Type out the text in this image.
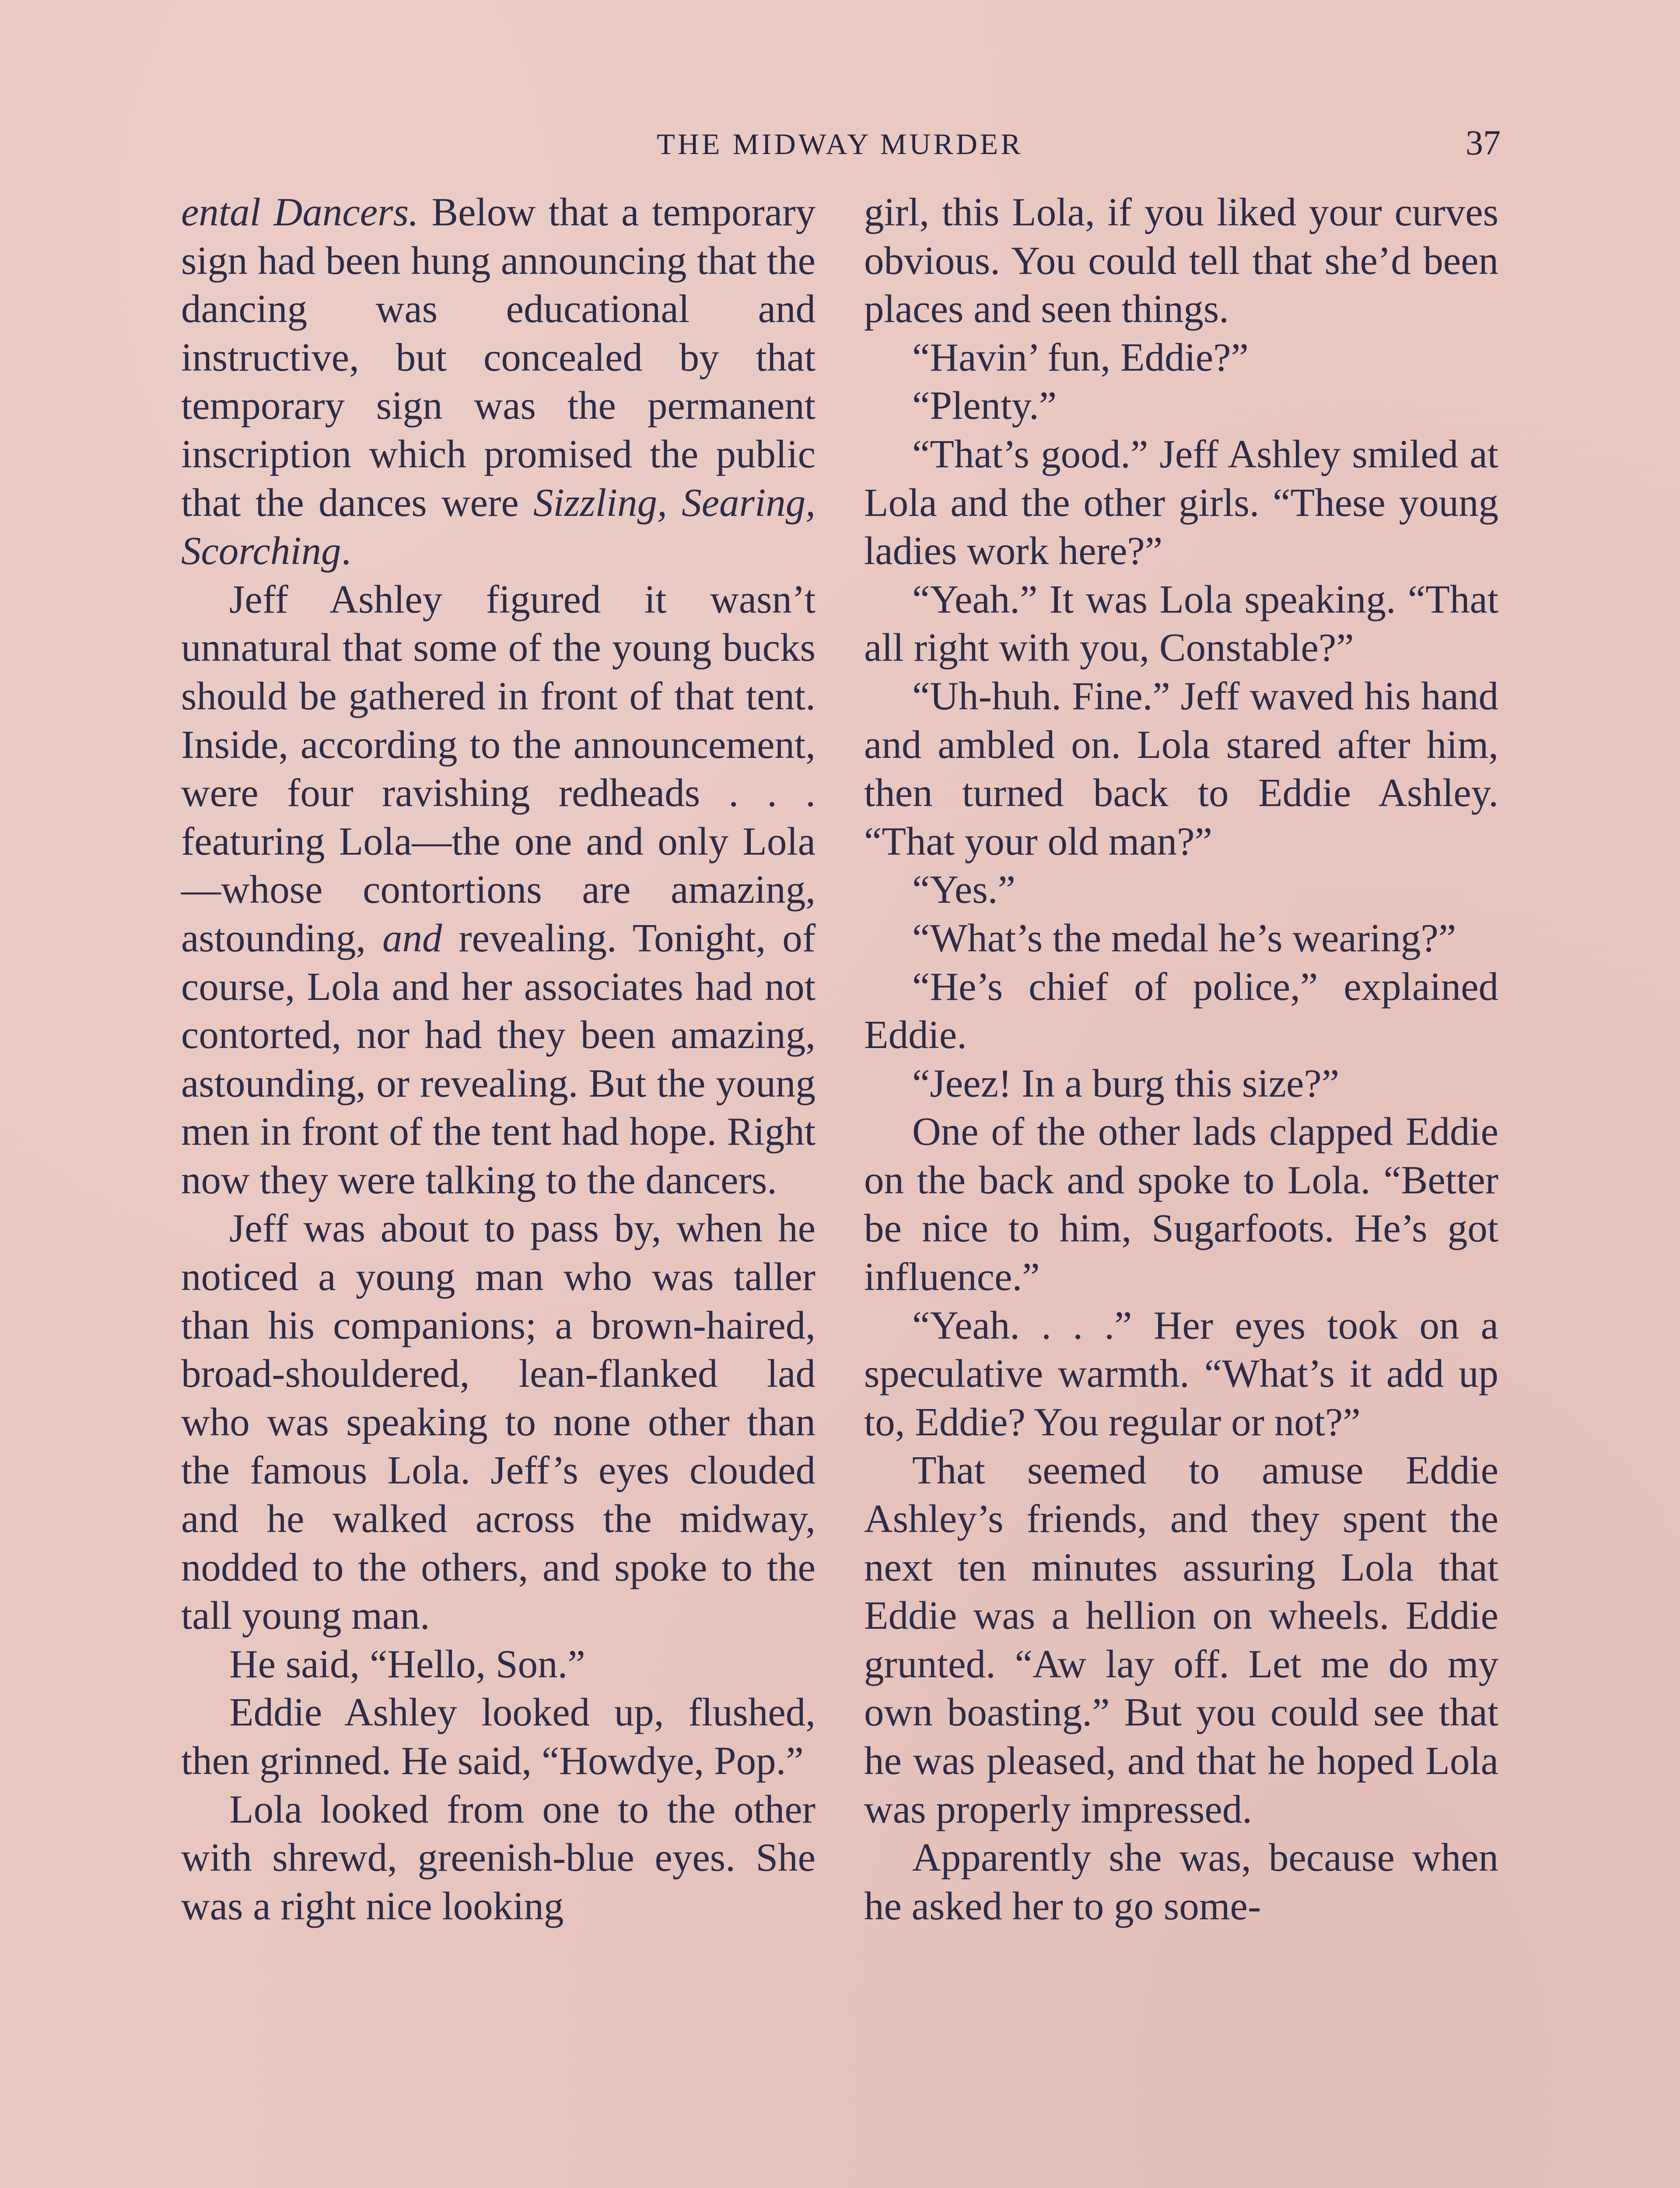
THE MIDWAY MURDER	37

ental Dancers. Below that a temporary sign had been hung announcing that the dancing was educational and instructive, but concealed by that temporary sign was the permanent inscription which promised the public that the dances were Sizzling, Searing, Scorching.

Jeff Ashley figured it wasn’t unnatural that some of the young bucks should be gathered in front of that tent. Inside, according to the announcement, were four ravishing redheads . . . featuring Lola—the one and only Lola—whose contortions are amazing, astounding, and revealing. Tonight, of course, Lola and her associates had not contorted, nor had they been amazing, astounding, or revealing. But the young men in front of the tent had hope. Right now they were talking to the dancers.

Jeff was about to pass by, when he noticed a young man who was taller than his companions; a brown-haired, broad-shouldered, lean-flanked lad who was speaking to none other than the famous Lola. Jeff’s eyes clouded and he walked across the midway, nodded to the others, and spoke to the tall young man.

He said, “Hello, Son.”

Eddie Ashley looked up, flushed, then grinned. He said, “Howdye, Pop.”

Lola looked from one to the other with shrewd, greenish-blue eyes. She was a right nice looking

girl, this Lola, if you liked your curves obvious. You could tell that she’d been places and seen things.

“Havin’ fun, Eddie?”

“Plenty.”

“That’s good.” Jeff Ashley smiled at Lola and the other girls. “These young ladies work here?”

“Yeah.” It was Lola speaking. “That all right with you, Constable?”

“Uh-huh. Fine.” Jeff waved his hand and ambled on. Lola stared after him, then turned back to Eddie Ashley. “That your old man?”

“Yes.”

“What’s the medal he’s wearing?”

“He’s chief of police,” explained Eddie.

“Jeez! In a burg this size?”

One of the other lads clapped Eddie on the back and spoke to Lola. “Better be nice to him, Sugarfoots. He’s got influence.”

“Yeah. . . .” Her eyes took on a speculative warmth. “What’s it add up to, Eddie? You regular or not?”

That seemed to amuse Eddie Ashley’s friends, and they spent the next ten minutes assuring Lola that Eddie was a hellion on wheels. Eddie grunted. “Aw lay off. Let me do my own boasting.” But you could see that he was pleased, and that he hoped Lola was properly impressed.

Apparently she was, because when he asked her to go some-
